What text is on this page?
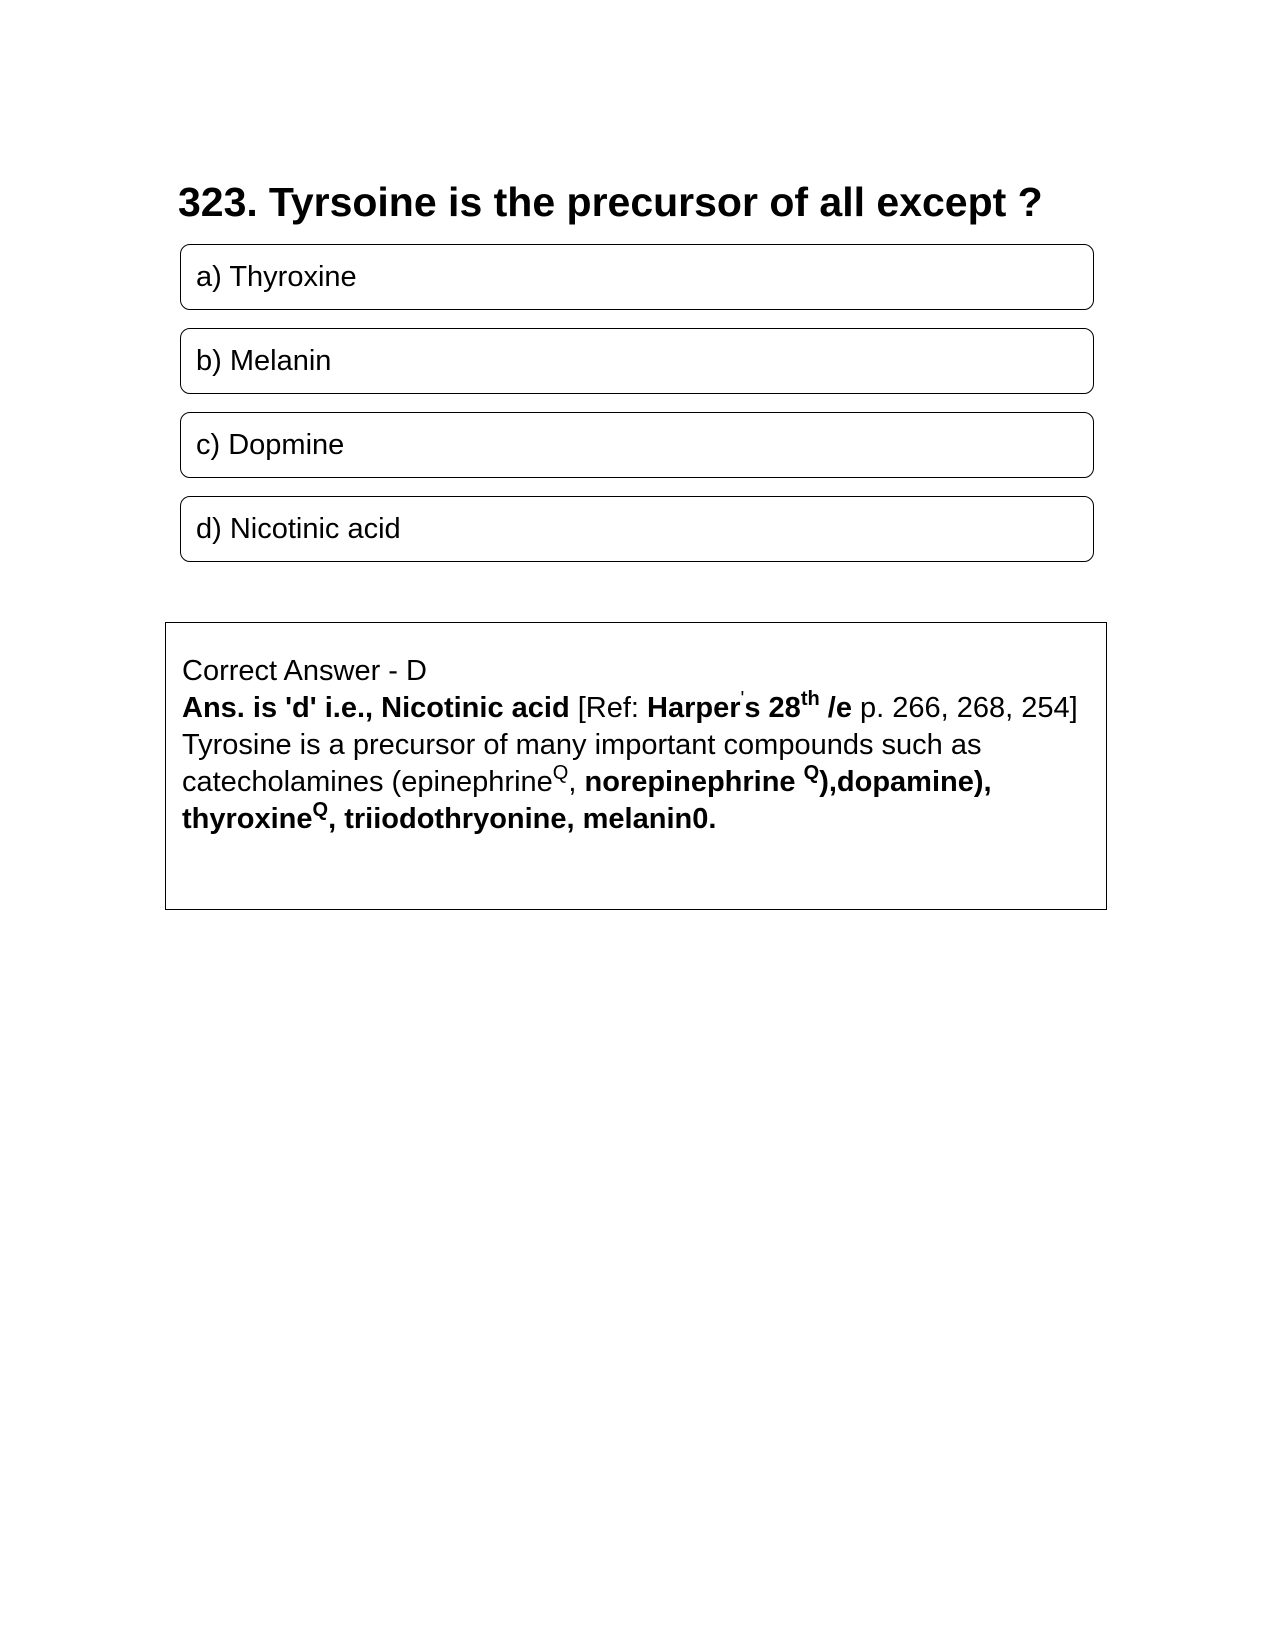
323. Tyrsoine is the precursor of all except ?
a) Thyroxine
b) Melanin
c) Dopmine
d) Nicotinic acid

Correct Answer - D

Ans. is 'd' i.e., Nicotinic acid [Ref: Harper's 28th /e p. 266, 268, 254]

Tyrosine is a precursor of many important compounds such as catecholamines (epinephrine$^Q$, norepinephrine $^Q$),dopamine), thyroxine$^Q$, triiodothryonine, melanin0.
